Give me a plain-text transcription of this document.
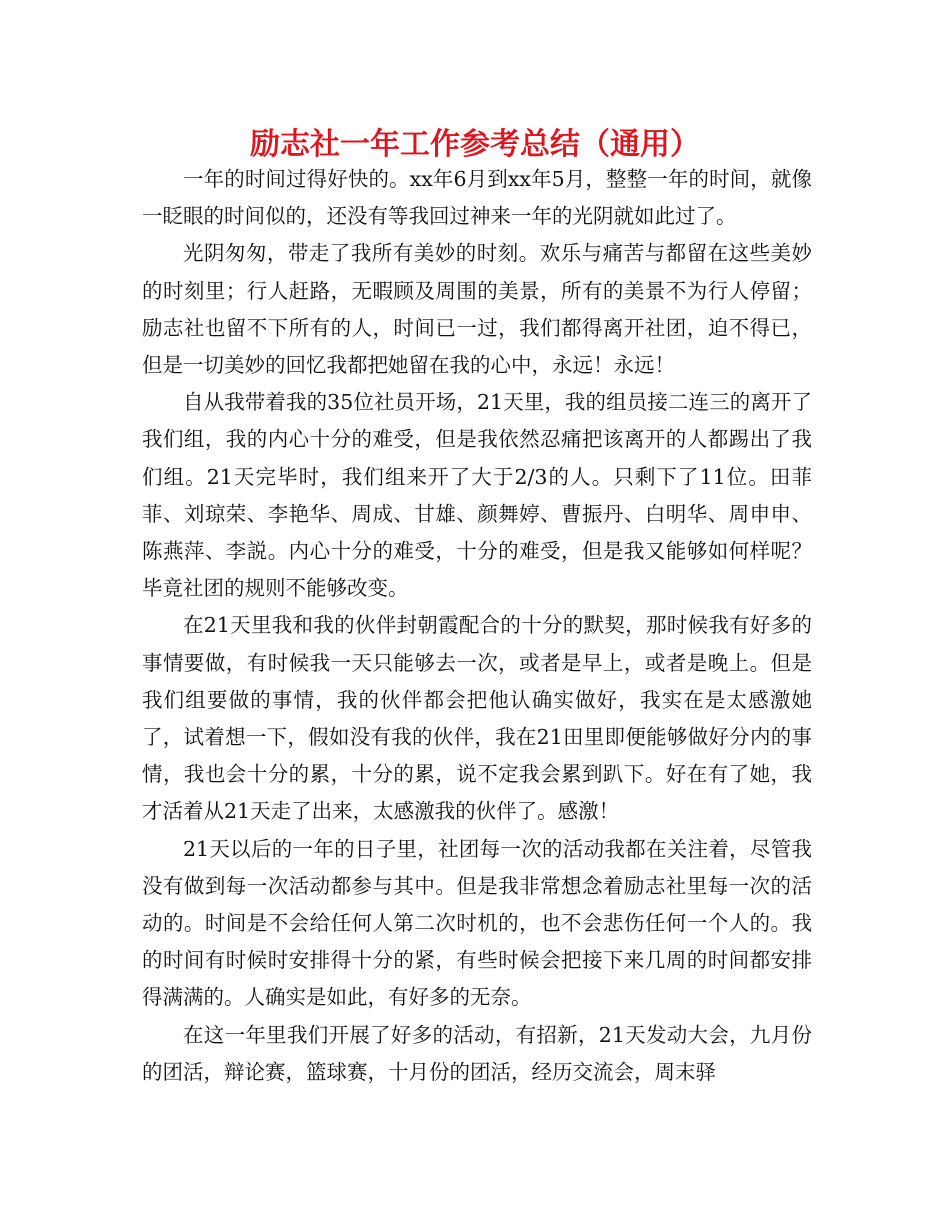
励志社一年工作参考总结（通用）

一年的时间过得好快的。xx年6月到xx年5月，整整一年的时间，就像一眨眼的时间似的，还没有等我回过神来一年的光阴就如此过了。

光阴匆匆，带走了我所有美妙的时刻。欢乐与痛苦与都留在这些美妙的时刻里；行人赶路，无暇顾及周围的美景，所有的美景不为行人停留；励志社也留不下所有的人，时间已一过，我们都得离开社团，迫不得已，但是一切美妙的回忆我都把她留在我的心中，永远！永远！

自从我带着我的35位社员开场，21天里，我的组员接二连三的离开了我们组，我的内心十分的难受，但是我依然忍痛把该离开的人都踢出了我们组。21天完毕时，我们组来开了大于2/3的人。只剩下了11位。田菲菲、刘琼荣、李艳华、周成、甘雄、颜舞婷、曹振丹、白明华、周申申、陈燕萍、李説。内心十分的难受，十分的难受，但是我又能够如何样呢？毕竟社团的规则不能够改变。

在21天里我和我的伙伴封朝霞配合的十分的默契，那时候我有好多的事情要做，有时候我一天只能够去一次，或者是早上，或者是晚上。但是我们组要做的事情，我的伙伴都会把他认确实做好，我实在是太感激她了，试着想一下，假如没有我的伙伴，我在21田里即便能够做好分内的事情，我也会十分的累，十分的累，说不定我会累到趴下。好在有了她，我才活着从21天走了出来，太感激我的伙伴了。感激！

21天以后的一年的日子里，社团每一次的活动我都在关注着，尽管我没有做到每一次活动都参与其中。但是我非常想念着励志社里每一次的活动的。时间是不会给任何人第二次时机的，也不会悲伤任何一个人的。我的时间有时候时安排得十分的紧，有些时候会把接下来几周的时间都安排得满满的。人确实是如此，有好多的无奈。

在这一年里我们开展了好多的活动，有招新，21天发动大会，九月份的团活，辩论赛，篮球赛，十月份的团活，经历交流会，周末驿
